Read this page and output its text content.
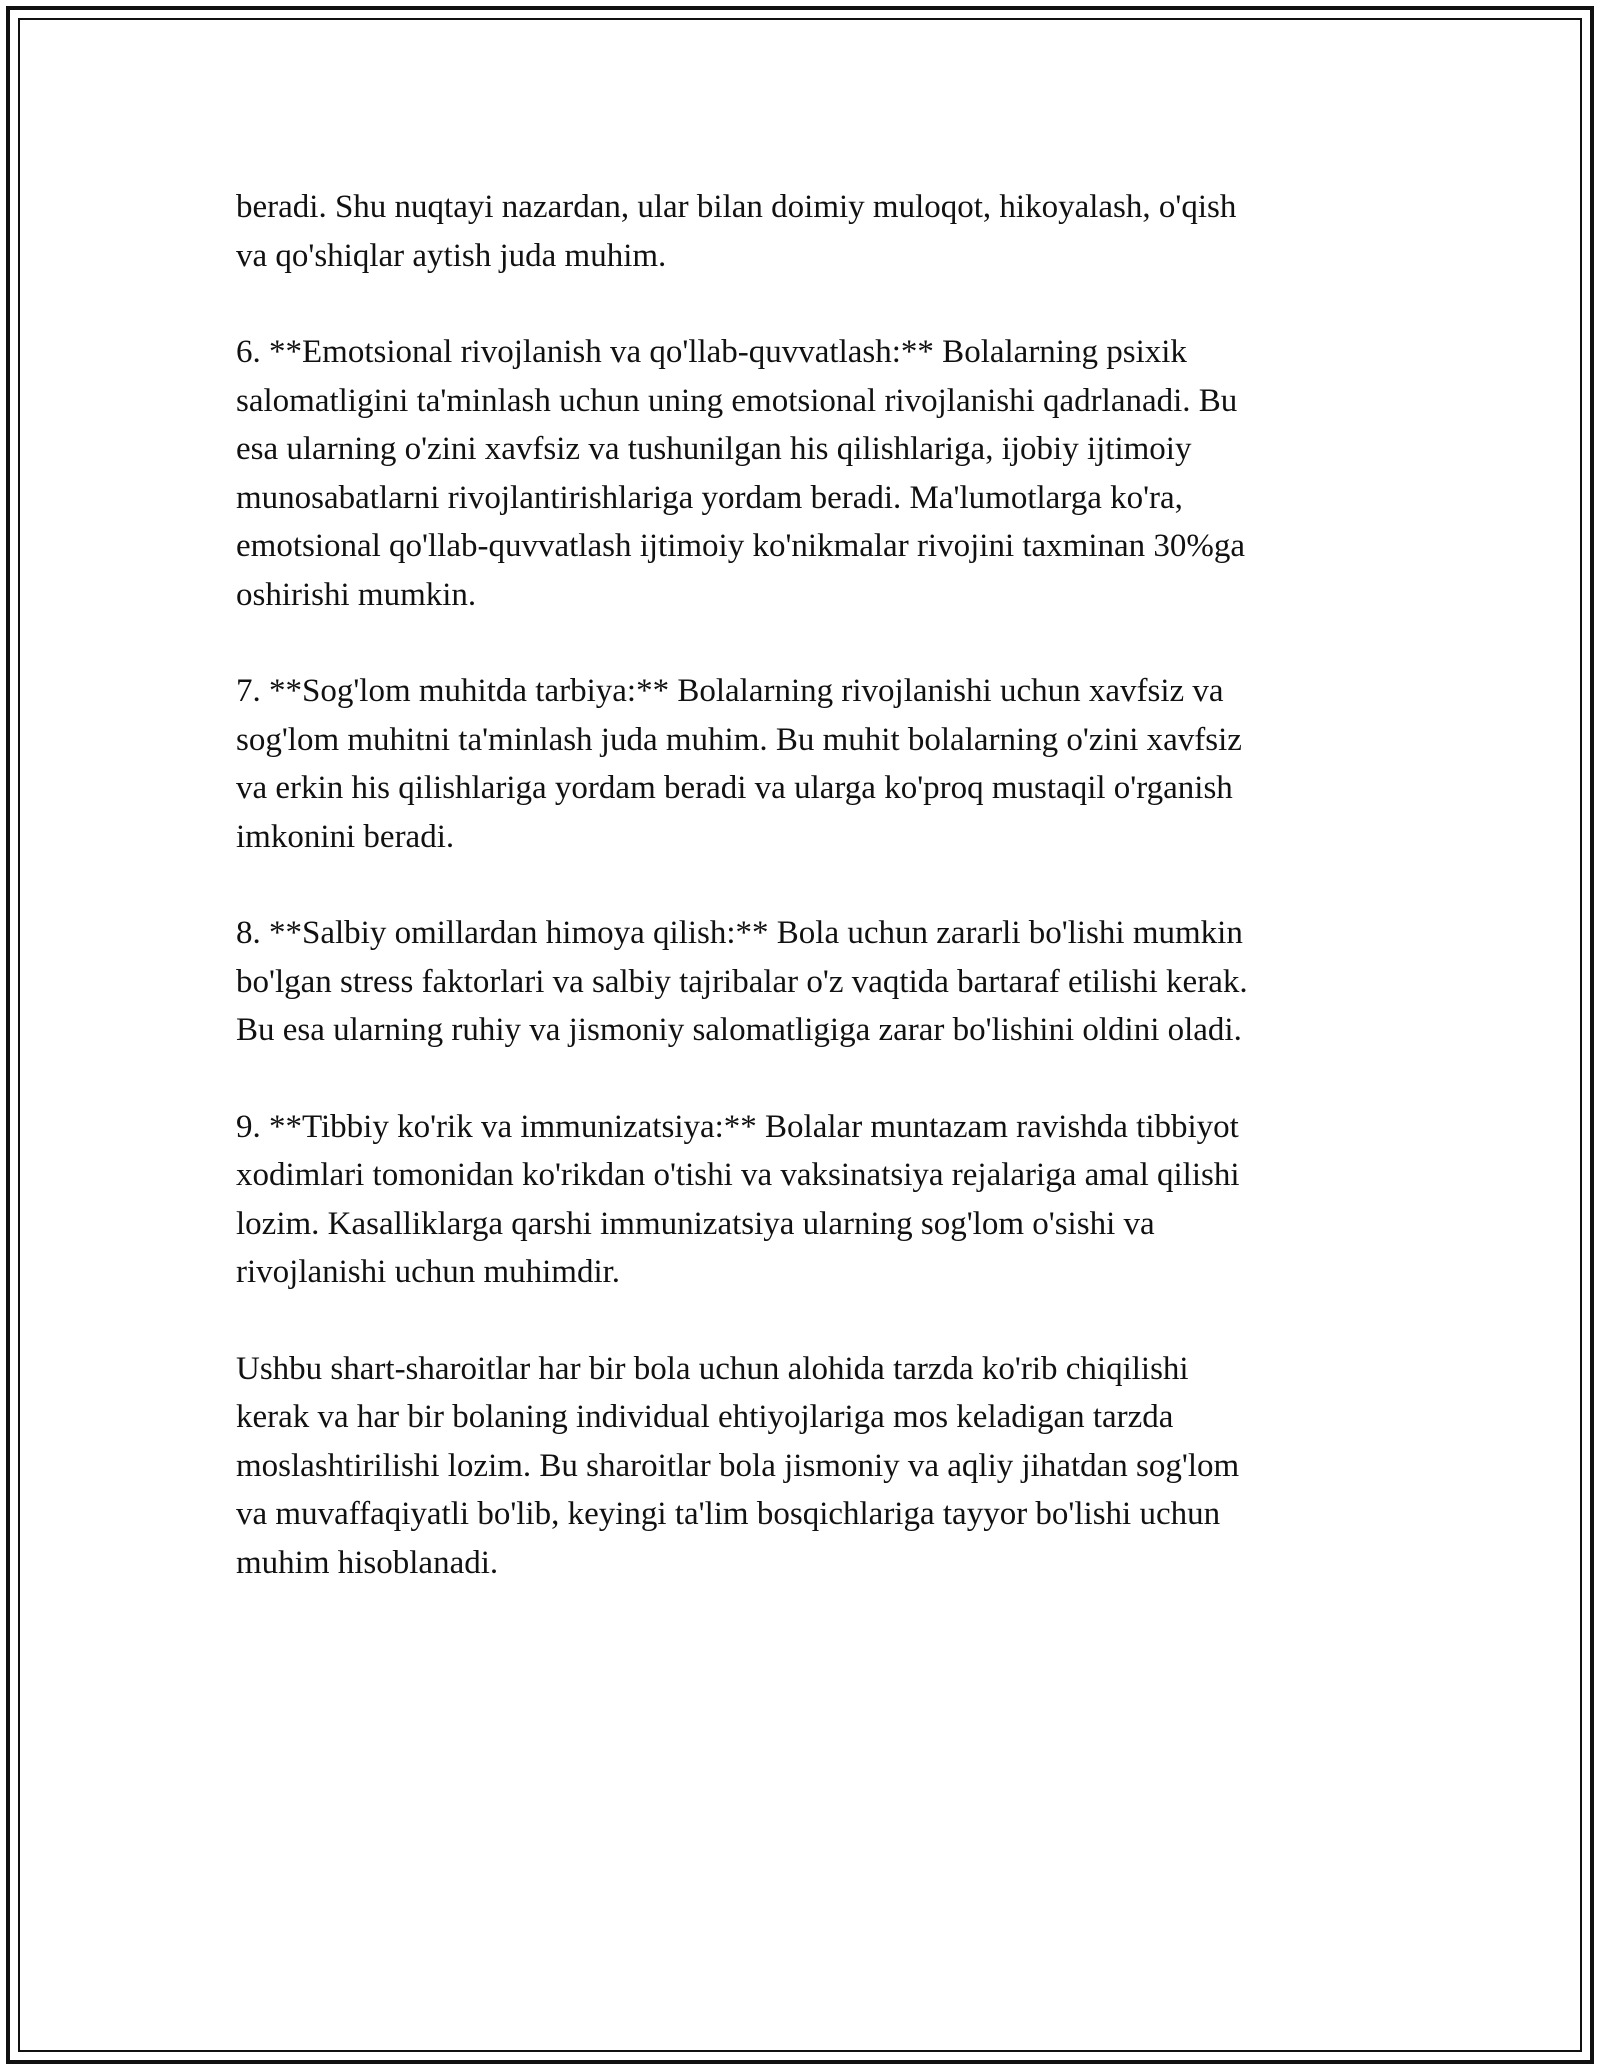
beradi. Shu nuqtayi nazardan, ular bilan doimiy muloqot, hikoyalash, o'qish
va qo'shiqlar aytish juda muhim.

6. **Emotsional rivojlanish va qo'llab-quvvatlash:** Bolalarning psixik
salomatligini ta'minlash uchun uning emotsional rivojlanishi qadrlanadi. Bu
esa ularning o'zini xavfsiz va tushunilgan his qilishlariga, ijobiy ijtimoiy
munosabatlarni rivojlantirishlariga yordam beradi. Ma'lumotlarga ko'ra,
emotsional qo'llab-quvvatlash ijtimoiy ko'nikmalar rivojini taxminan 30%ga
oshirishi mumkin.

7. **Sog'lom muhitda tarbiya:** Bolalarning rivojlanishi uchun xavfsiz va
sog'lom muhitni ta'minlash juda muhim. Bu muhit bolalarning o'zini xavfsiz
va erkin his qilishlariga yordam beradi va ularga ko'proq mustaqil o'rganish
imkonini beradi.

8. **Salbiy omillardan himoya qilish:** Bola uchun zararli bo'lishi mumkin
bo'lgan stress faktorlari va salbiy tajribalar o'z vaqtida bartaraf etilishi kerak.
Bu esa ularning ruhiy va jismoniy salomatligiga zarar bo'lishini oldini oladi.

9. **Tibbiy ko'rik va immunizatsiya:** Bolalar muntazam ravishda tibbiyot
xodimlari tomonidan ko'rikdan o'tishi va vaksinatsiya rejalariga amal qilishi
lozim. Kasalliklarga qarshi immunizatsiya ularning sog'lom o'sishi va
rivojlanishi uchun muhimdir.

Ushbu shart-sharoitlar har bir bola uchun alohida tarzda ko'rib chiqilishi
kerak va har bir bolaning individual ehtiyojlariga mos keladigan tarzda
moslashtirilishi lozim. Bu sharoitlar bola jismoniy va aqliy jihatdan sog'lom
va muvaffaqiyatli bo'lib, keyingi ta'lim bosqichlariga tayyor bo'lishi uchun
muhim hisoblanadi.
